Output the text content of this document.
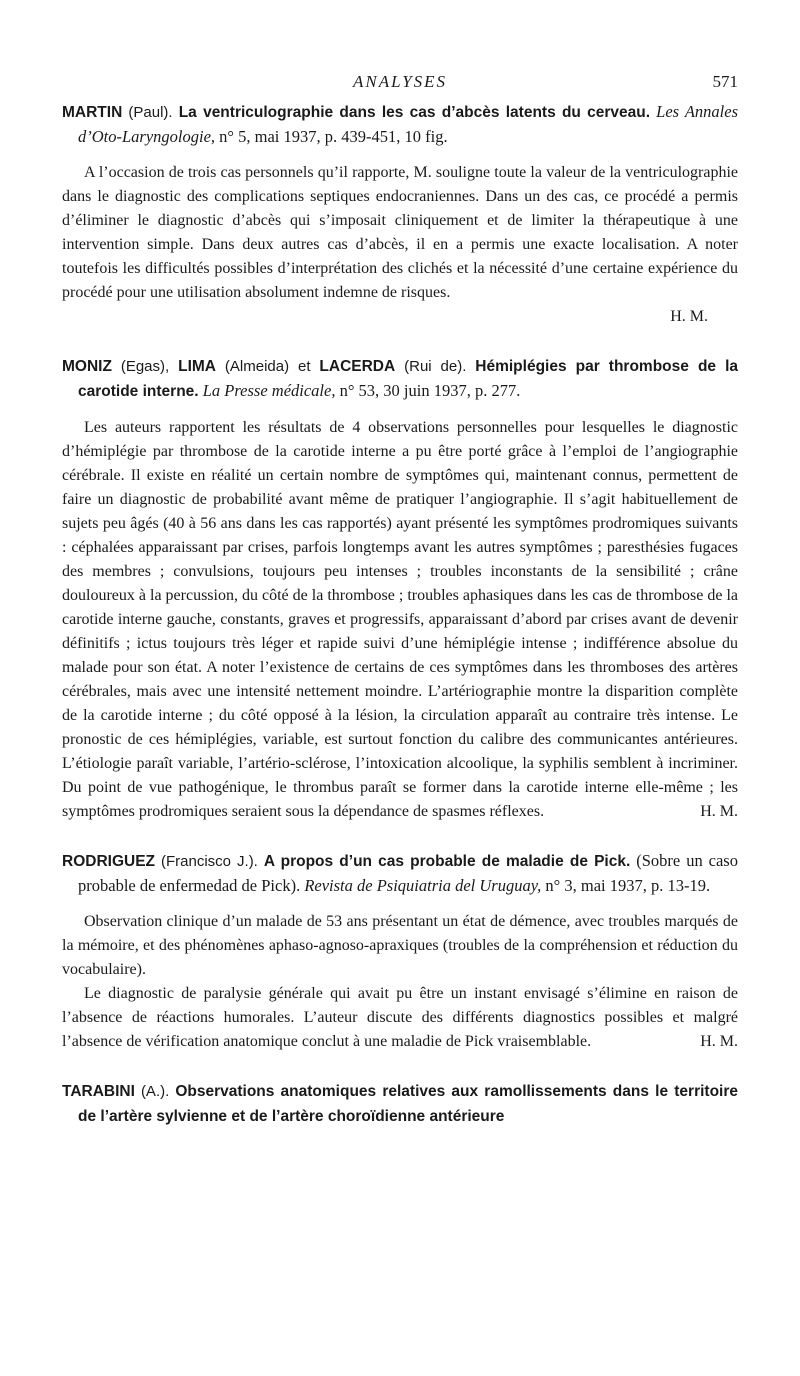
ANALYSES	571

MARTIN (Paul). La ventriculographie dans les cas d’abcès latents du cerveau. Les Annales d’Oto-Laryngologie, n° 5, mai 1937, p. 439-451, 10 fig.

A l’occasion de trois cas personnels qu’il rapporte, M. souligne toute la valeur de la ventriculographie dans le diagnostic des complications septiques endocraniennes. Dans un des cas, ce procédé a permis d’éliminer le diagnostic d’abcès qui s’imposait cliniquement et de limiter la thérapeutique à une intervention simple. Dans deux autres cas d’abcès, il en a permis une exacte localisation. A noter toutefois les difficultés possibles d’interprétation des clichés et la nécessité d’une certaine expérience du procédé pour une utilisation absolument indemne de risques.

H. M.

MONIZ (Egas), LIMA (Almeida) et LACERDA (Rui de). Hémiplégies par thrombose de la carotide interne. La Presse médicale, n° 53, 30 juin 1937, p. 277.

Les auteurs rapportent les résultats de 4 observations personnelles pour lesquelles le diagnostic d’hémiplégie par thrombose de la carotide interne a pu être porté grâce à l’emploi de l’angiographie cérébrale. Il existe en réalité un certain nombre de symptômes qui, maintenant connus, permettent de faire un diagnostic de probabilité avant même de pratiquer l’angiographie. Il s’agit habituellement de sujets peu âgés (40 à 56 ans dans les cas rapportés) ayant présenté les symptômes prodromiques suivants : céphalées apparaissant par crises, parfois longtemps avant les autres symptômes ; paresthésies fugaces des membres ; convulsions, toujours peu intenses ; troubles inconstants de la sensibilité ; crâne douloureux à la percussion, du côté de la thrombose ; troubles aphasiques dans les cas de thrombose de la carotide interne gauche, constants, graves et progressifs, apparaissant d’abord par crises avant de devenir définitifs ; ictus toujours très léger et rapide suivi d’une hémiplégie intense ; indifférence absolue du malade pour son état. A noter l’existence de certains de ces symptômes dans les thromboses des artères cérébrales, mais avec une intensité nettement moindre. L’artériographie montre la disparition complète de la carotide interne ; du côté opposé à la lésion, la circulation apparaît au contraire très intense. Le pronostic de ces hémiplégies, variable, est surtout fonction du calibre des communicantes antérieures. L’étiologie paraît variable, l’artério-sclérose, l’intoxication alcoolique, la syphilis semblent à incriminer. Du point de vue pathogénique, le thrombus paraît se former dans la carotide interne elle-même ; les symptômes prodromiques seraient sous la dépendance de spasmes réflexes.	H. M.

RODRIGUEZ (Francisco J.). A propos d’un cas probable de maladie de Pick. (Sobre un caso probable de enfermedad de Pick). Revista de Psiquiatria del Uruguay, n° 3, mai 1937, p. 13-19.

Observation clinique d’un malade de 53 ans présentant un état de démence, avec troubles marqués de la mémoire, et des phénomènes aphaso-agnoso-apraxiques (troubles de la compréhension et réduction du vocabulaire).

Le diagnostic de paralysie générale qui avait pu être un instant envisagé s’élimine en raison de l’absence de réactions humorales. L’auteur discute des différents diagnostics possibles et malgré l’absence de vérification anatomique conclut à une maladie de Pick vraisemblable.	H. M.

TARABINI (A.). Observations anatomiques relatives aux ramollissements dans le territoire de l’artère sylvienne et de l’artère choroïdienne antérieure
